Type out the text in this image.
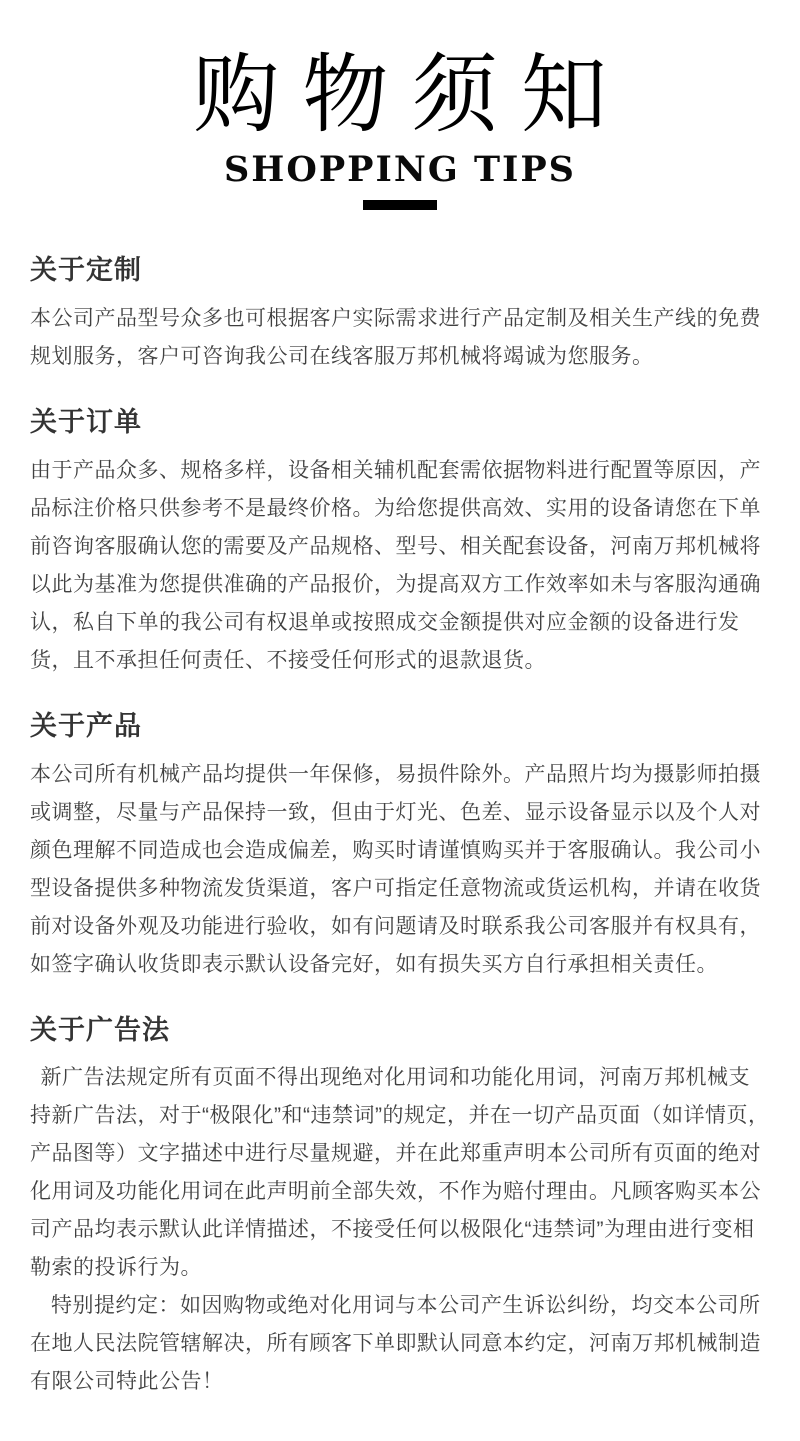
购物须知
SHOPPING TIPS
关于定制

本公司产品型号众多也可根据客户实际需求进行产品定制及相关生产线的免费规划服务，客户可咨询我公司在线客服万邦机械将竭诚为您服务。

关于订单

由于产品众多、规格多样，设备相关辅机配套需依据物料进行配置等原因，产品标注价格只供参考不是最终价格。为给您提供高效、实用的设备请您在下单前咨询客服确认您的需要及产品规格、型号、相关配套设备，河南万邦机械将以此为基准为您提供准确的产品报价，为提高双方工作效率如未与客服沟通确认，私自下单的我公司有权退单或按照成交金额提供对应金额的设备进行发货，且不承担任何责任、不接受任何形式的退款退货。

关于产品

本公司所有机械产品均提供一年保修，易损件除外。产品照片均为摄影师拍摄或调整，尽量与产品保持一致，但由于灯光、色差、显示设备显示以及个人对颜色理解不同造成也会造成偏差，购买时请谨慎购买并于客服确认。我公司小型设备提供多种物流发货渠道，客户可指定任意物流或货运机构，并请在收货前对设备外观及功能进行验收，如有问题请及时联系我公司客服并有权具有，如签字确认收货即表示默认设备完好，如有损失买方自行承担相关责任。

关于广告法

新广告法规定所有页面不得出现绝对化用词和功能化用词，河南万邦机械支持新广告法，对于“极限化”和“违禁词”的规定，并在一切产品页面（如详情页，产品图等）文字描述中进行尽量规避，并在此郑重声明本公司所有页面的绝对化用词及功能化用词在此声明前全部失效，不作为赔付理由。凡顾客购买本公司产品均表示默认此详情描述，不接受任何以极限化“违禁词”为理由进行变相勒索的投诉行为。

特别提约定：如因购物或绝对化用词与本公司产生诉讼纠纷，均交本公司所在地人民法院管辖解决，所有顾客下单即默认同意本约定，河南万邦机械制造有限公司特此公告！
